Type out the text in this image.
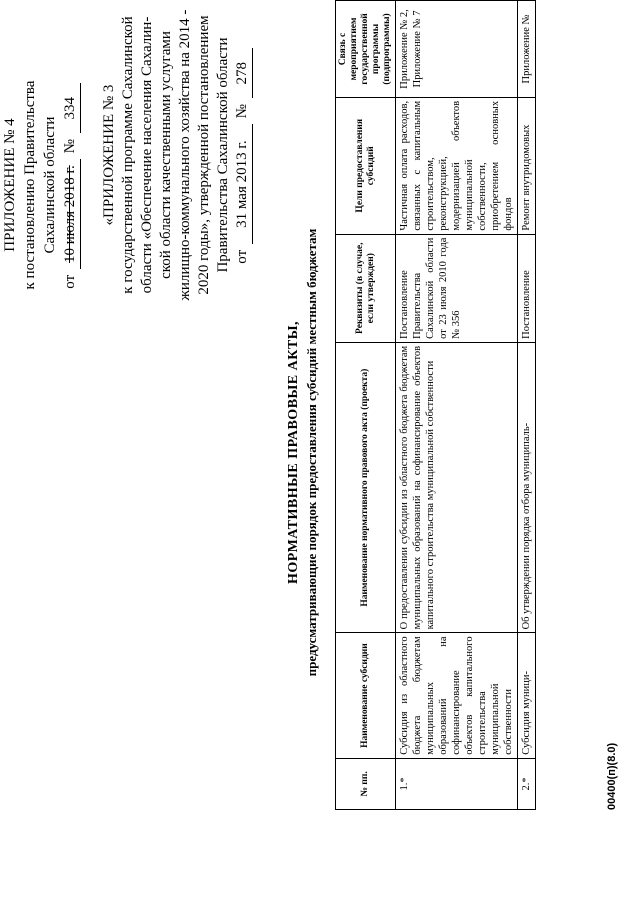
ПРИЛОЖЕНИЕ № 4 к постановлению Правительства Сахалинской области
от 10 июля 2018 г. № 334 «ПРИЛОЖЕНИЕ № 3 к государственной программе Сахалинской области «Обеспечение населения Сахалин- ской области качественными услугами жилищно-коммунального хозяйства на 2014 - 2020 годы», утвержденной постановлением Правительства Сахалинской области от 31 мая 2013 г. № 278
НОРМАТИВНЫЕ ПРАВОВЫЕ АКТЫ, предусматривающие порядок предоставления субсидий местным бюджетам
№ пп.	Наименование субсидии	Наименование нормативного правового акта (проекта)	Реквизиты (в случае, если утвержден)	Цели предоставления субсидий	Связь с мероприятием государственной программы (подпрограммы)
1.*	Субсидия из областного бюджета бюджетам муниципальных образований на софинансирование объектов капитального строительства муниципальной собственности	О предоставлении субсидии из областного бюджета бюджетам муниципальных образований на софинансирование объектов капитального строительства муниципальной собственности	Постановление Правительства Сахалинской области от 23 июля 2010 года № 356	Частичная оплата расходов, связанных с капитальным строительством, реконструкцией, модернизацией объектов муниципальной собственности, приобретением основных фондов	Приложение № 2, Приложение № 7
2.*	Субсидия муници-	Об утверждении порядка отбора муниципаль-	Постановление	Ремонт внутридомовых	Приложение №
00400(п)(8.0)
